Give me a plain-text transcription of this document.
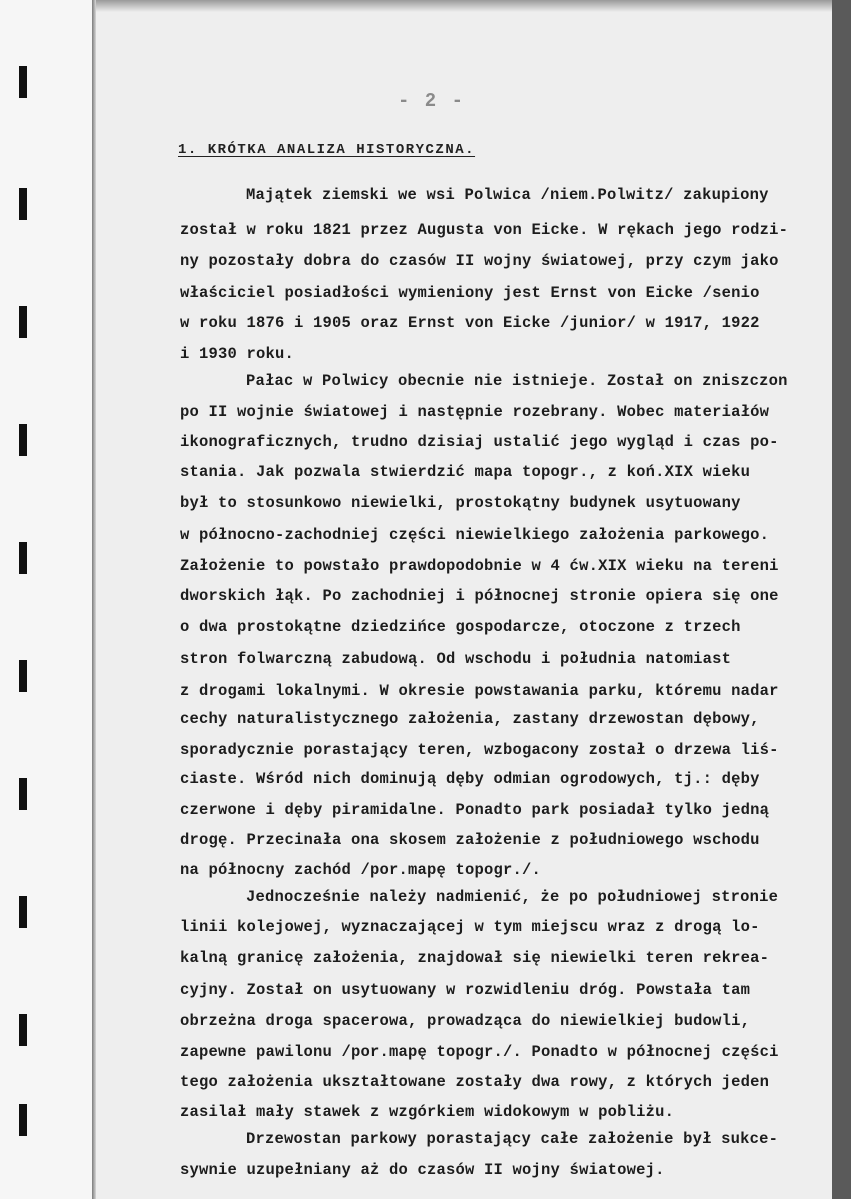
- 2 -
1. KRÓTKA ANALIZA HISTORYCZNA.
Majątek ziemski we wsi Polwica /niem.Polwitz/ zakupiony
został w roku 1821 przez Augusta von Eicke. W rękach jego rodzi-
ny pozostały dobra do czasów II wojny światowej, przy czym jako
właściciel posiadłości wymieniony jest Ernst von Eicke /senio
w roku 1876 i 1905 oraz Ernst von Eicke /junior/ w 1917, 1922
i 1930 roku.
Pałac w Polwicy obecnie nie istnieje. Został on zniszczon
po II wojnie światowej i następnie rozebrany. Wobec materiałów
ikonograficznych, trudno dzisiaj ustalić jego wygląd i czas po-
stania. Jak pozwala stwierdzić mapa topogr., z koń.XIX wieku
był to stosunkowo niewielki, prostokątny budynek usytuowany
w północno-zachodniej części niewielkiego założenia parkowego.
Założenie to powstało prawdopodobnie w 4 ćw.XIX wieku na tereni
dworskich łąk. Po zachodniej i północnej stronie opiera się one
o dwa prostokątne dziedzińce gospodarcze, otoczone z trzech
stron folwarczną zabudową. Od wschodu i południa natomiast
z drogami lokalnymi. W okresie powstawania parku, któremu nadar
cechy naturalistycznego założenia, zastany drzewostan dębowy,
sporadycznie porastający teren, wzbogacony został o drzewa liś-
ciaste. Wśród nich dominują dęby odmian ogrodowych, tj.: dęby
czerwone i dęby piramidalne. Ponadto park posiadał tylko jedną
drogę. Przecinała ona skosem założenie z południowego wschodu
na północny zachód /por.mapę topogr./.
Jednocześnie należy nadmienić, że po południowej stronie
linii kolejowej, wyznaczającej w tym miejscu wraz z drogą lo-
kalną granicę założenia, znajdował się niewielki teren rekrea-
cyjny. Został on usytuowany w rozwidleniu dróg. Powstała tam
obrzeżna droga spacerowa, prowadząca do niewielkiej budowli,
zapewne pawilonu /por.mapę topogr./. Ponadto w północnej części
tego założenia ukształtowane zostały dwa rowy, z których jeden
zasilał mały stawek z wzgórkiem widokowym w pobliżu.
Drzewostan parkowy porastający całe założenie był sukce-
sywnie uzupełniany aż do czasów II wojny światowej.
